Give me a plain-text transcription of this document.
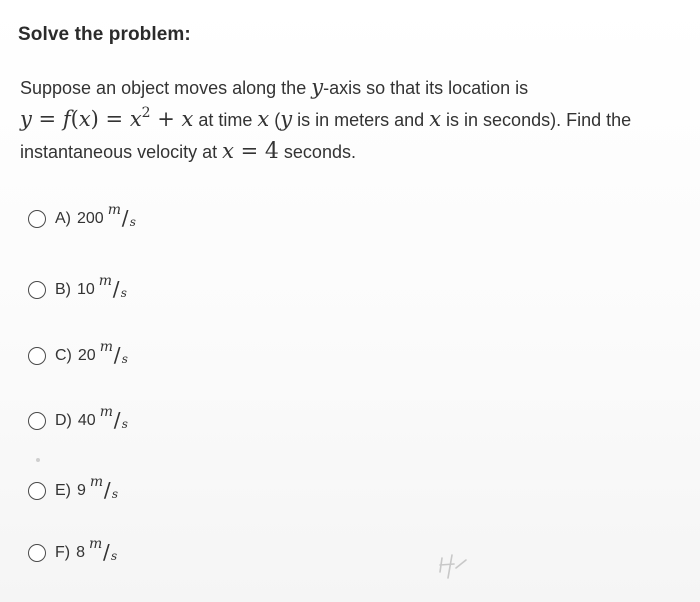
Solve the problem:
Suppose an object moves along the y-axis so that its location is
$y = f(x) = x^2 + x$ at time x (y is in meters and x is in seconds). Find the
instantaneous velocity at x = 4 seconds.
A) 200 m / s
B) 10 m / s
C) 20 m / s
D) 40 m / s
E) 9 m / s
F) 8 m / s
